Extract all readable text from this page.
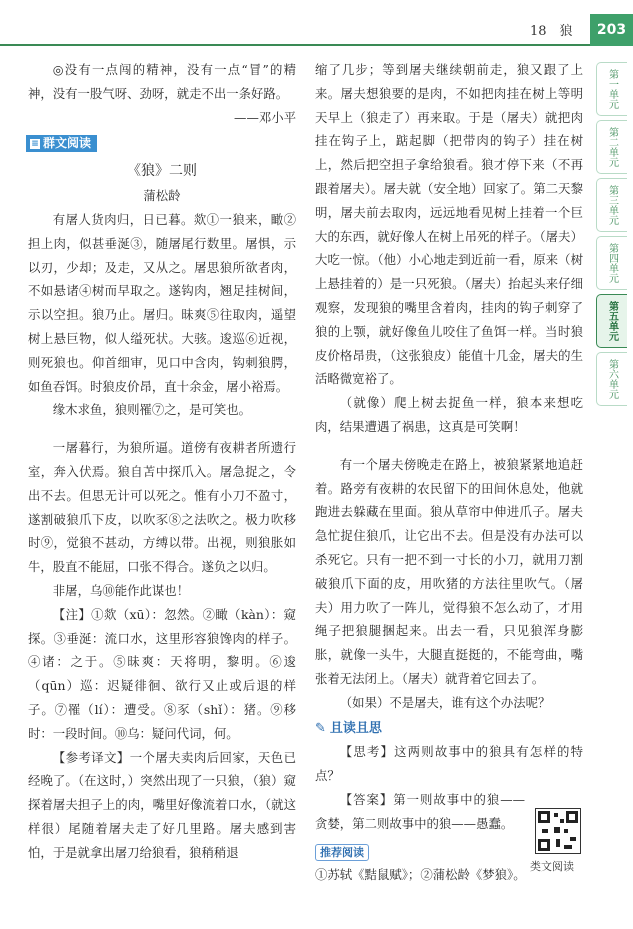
18　狼	203
第一单元
第二单元
第三单元
第四单元
第五单元
第六单元

◎没有一点闯的精神，没有一点“冒”的精神，没有一股气呀、劲呀，就走不出一条好路。

——邓小平

≡ 群文阅读

《狼》二则

蒲松龄

有屠人货肉归，日已暮。欻①一狼来，瞰②担上肉，似甚垂涎③，随屠尾行数里。屠惧，示以刃，少却；及走，又从之。屠思狼所欲者肉，不如悬诸④树而早取之。遂钩肉，翘足挂树间，示以空担。狼乃止。屠归。昧爽⑤往取肉，遥望树上悬巨物，似人缢死状。大骇。逡巡⑥近视，则死狼也。仰首细审，见口中含肉，钩刺狼腭，如鱼吞饵。时狼皮价昂，直十余金，屠小裕焉。

缘木求鱼，狼则罹⑦之，是可笑也。

一屠暮行，为狼所逼。道傍有夜耕者所遗行室，奔入伏焉。狼自苫中探爪入。屠急捉之，令出不去。但思无计可以死之。惟有小刀不盈寸，遂割破狼爪下皮，以吹豕⑧之法吹之。极力吹移时⑨，觉狼不甚动，方缚以带。出视，则狼胀如牛，股直不能屈，口张不得合。遂负之以归。

非屠，乌⑩能作此谋也！

【注】①欻（xū）：忽然。②瞰（kàn）：窥探。③垂涎：流口水，这里形容狼馋肉的样子。④诸：之于。⑤昧爽：天将明，黎明。⑥逡（qūn）巡：迟疑徘徊、欲行又止或后退的样子。⑦罹（lí）：遭受。⑧豕（shǐ）：猪。⑨移时：一段时间。⑩乌：疑问代词，何。

【参考译文】一个屠夫卖肉后回家，天色已经晚了。（在这时，）突然出现了一只狼，（狼）窥探着屠夫担子上的肉，嘴里好像流着口水，（就这样很）尾随着屠夫走了好几里路。屠夫感到害怕，于是就拿出屠刀给狼看，狼稍稍退

缩了几步；等到屠夫继续朝前走，狼又跟了上来。屠夫想狼要的是肉，不如把肉挂在树上等明天早上（狼走了）再来取。于是（屠夫）就把肉挂在钩子上，踮起脚（把带肉的钩子）挂在树上，然后把空担子拿给狼看。狼才停下来（不再跟着屠夫）。屠夫就（安全地）回家了。第二天黎明，屠夫前去取肉，远远地看见树上挂着一个巨大的东西，就好像人在树上吊死的样子。（屠夫）大吃一惊。（他）小心地走到近前一看，原来（树上悬挂着的）是一只死狼。（屠夫）抬起头来仔细观察，发现狼的嘴里含着肉，挂肉的钩子刺穿了狼的上颚，就好像鱼儿咬住了鱼饵一样。当时狼皮价格昂贵，（这张狼皮）能值十几金，屠夫的生活略微宽裕了。

（就像）爬上树去捉鱼一样，狼本来想吃肉，结果遭遇了祸患，这真是可笑啊！

有一个屠夫傍晚走在路上，被狼紧紧地追赶着。路旁有夜耕的农民留下的田间休息处，他就跑进去躲藏在里面。狼从草帘中伸进爪子。屠夫急忙捉住狼爪，让它出不去。但是没有办法可以杀死它。只有一把不到一寸长的小刀，就用刀割破狼爪下面的皮，用吹猪的方法往里吹气。（屠夫）用力吹了一阵儿，觉得狼不怎么动了，才用绳子把狼腿捆起来。出去一看，只见狼浑身膨胀，就像一头牛，大腿直挺挺的，不能弯曲，嘴张着无法闭上。（屠夫）就背着它回去了。

（如果）不是屠夫，谁有这个办法呢？

✎ 且读且思

【思考】这两则故事中的狼具有怎样的特点？

【答案】第一则故事中的狼——贪婪，第二则故事中的狼——愚蠢。

推荐阅读

①苏轼《黠鼠赋》；②蒲松龄《梦狼》。

类文阅读
